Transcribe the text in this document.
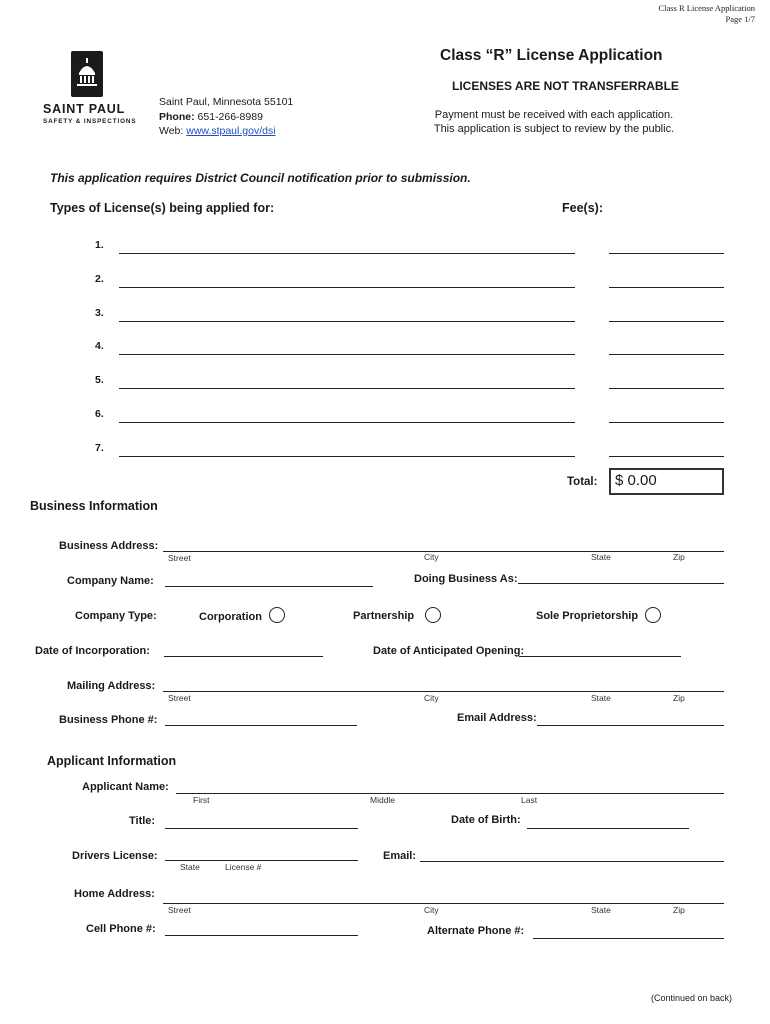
Class R License Application
Page 1/7
SAINT PAUL
SAFETY & INSPECTIONS
Saint Paul, Minnesota 55101
Phone: 651-266-8989
Web: www.stpaul.gov/dsi
Class “R” License Application
LICENSES ARE NOT TRANSFERRABLE
Payment must be received with each application. This application is subject to review by the public.
This application requires District Council notification prior to submission.
Types of License(s) being applied for:	Fee(s):
1.
2.
3.
4.
5.
6.
7.
Total:	$ 0.00
Business Information
Business Address:
Street	City	State	Zip
Company Name:	Doing Business As:
Company Type:	Corporation	Partnership	Sole Proprietorship
Date of Incorporation:	Date of Anticipated Opening:
Mailing Address:
Street	City	State	Zip
Business Phone #:	Email Address:
Applicant Information
Applicant Name:
First	Middle	Last
Title:	Date of Birth:
Drivers License:
State	License #
Email:
Home Address:
Street	City	State	Zip
Cell Phone #:	Alternate Phone #:
(Continued on back)
